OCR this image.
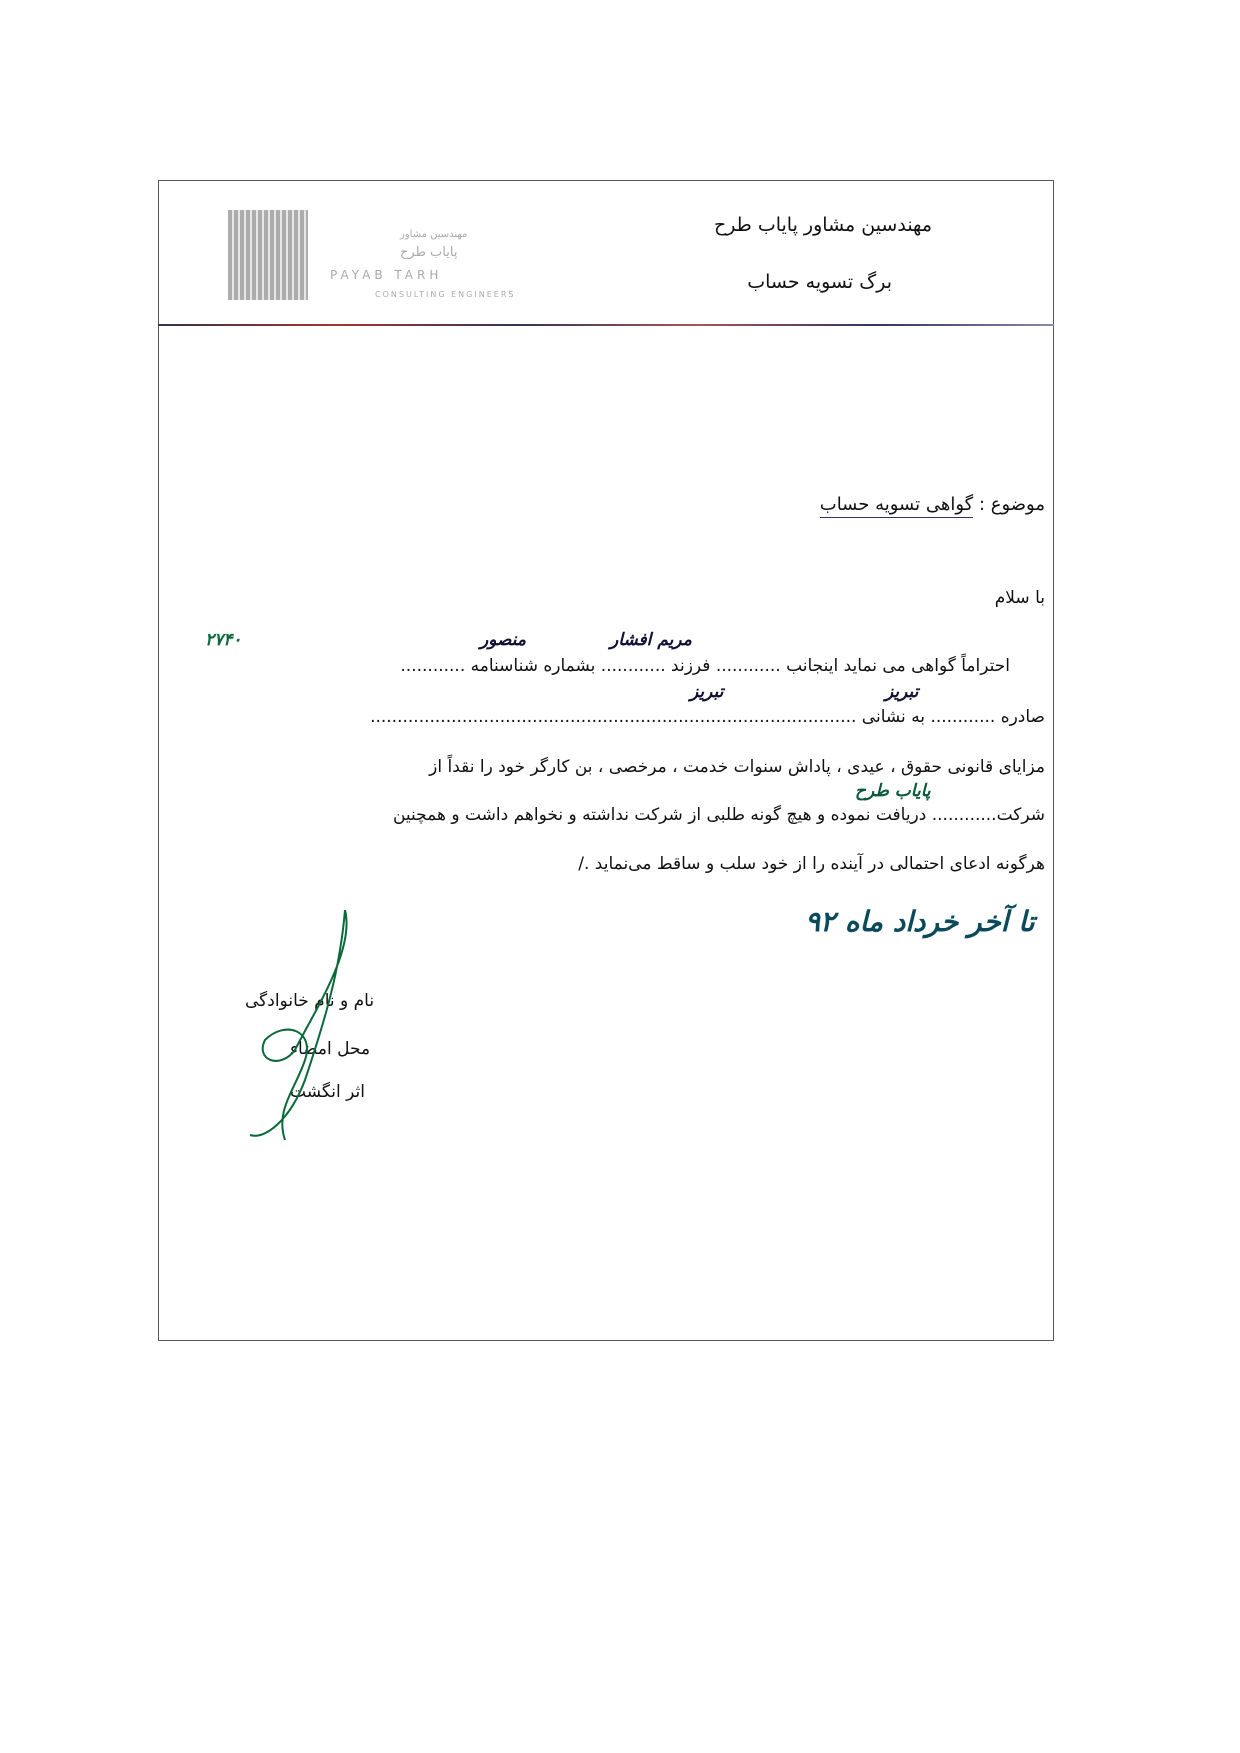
مهندسین مشاور
پایاب طرح
PAYAB TARH
CONSULTING ENGINEERS
مهندسین مشاور پایاب طرح
برگ تسویه حساب
موضوع : گواهی تسویه حساب
با سلام
احتراماً گواهی می نماید اینجانب ............ فرزند ............ بشماره شناسنامه ............
صادره ............ به نشانی ..........................................................................................
مزایای قانونی حقوق ، عیدی ، پاداش سنوات خدمت ، مرخصی ، بن کارگر خود را نقداً از
شرکت............ دریافت نموده و هیچ گونه طلبی از شرکت نداشته و نخواهم داشت و همچنین
هرگونه ادعای احتمالی در آینده را از خود سلب و ساقط می‌نماید ./
مریم افشار
منصور
۲۷۴۰
تبریز
تبریز
پایاب طرح
تا آخر خرداد ماه ۹۲
نام و نام خانوادگی
محل امضاء
اثر انگشت
